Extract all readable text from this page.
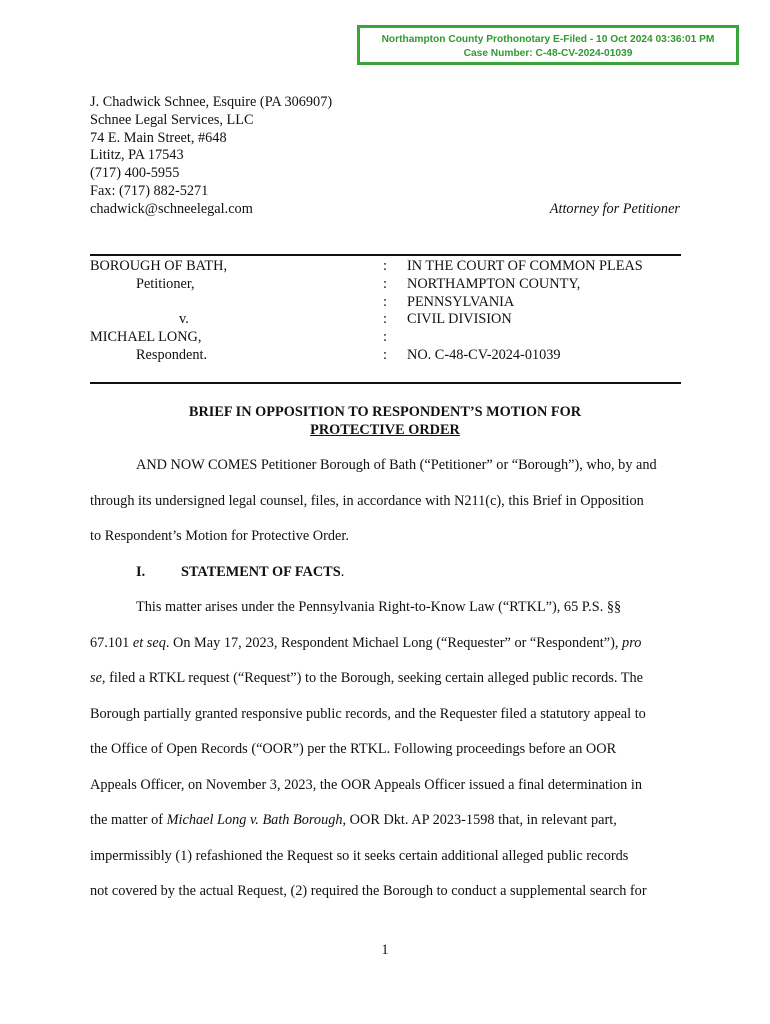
Northampton County Prothonotary E-Filed - 10 Oct 2024 03:36:01 PM
Case Number: C-48-CV-2024-01039
J. Chadwick Schnee, Esquire (PA 306907)
Schnee Legal Services, LLC
74 E. Main Street, #648
Lititz, PA 17543
(717) 400-5955
Fax: (717) 882-5271
chadwick@schneelegal.com	Attorney for Petitioner
BOROUGH OF BATH,
Petitioner,

v.
MICHAEL LONG,
Respondent.
:
:
:
:
:
:
IN THE COURT OF COMMON PLEAS
NORTHAMPTON COUNTY,
PENNSYLVANIA
CIVIL DIVISION

NO. C-48-CV-2024-01039
BRIEF IN OPPOSITION TO RESPONDENT’S MOTION FOR
PROTECTIVE ORDER
AND NOW COMES Petitioner Borough of Bath (“Petitioner” or “Borough”), who, by and
through its undersigned legal counsel, files, in accordance with N211(c), this Brief in Opposition
to Respondent’s Motion for Protective Order.
I.	STATEMENT OF FACTS.
This matter arises under the Pennsylvania Right-to-Know Law (“RTKL”), 65 P.S. §§
67.101 et seq. On May 17, 2023, Respondent Michael Long (“Requester” or “Respondent”), pro
se, filed a RTKL request (“Request”) to the Borough, seeking certain alleged public records. The
Borough partially granted responsive public records, and the Requester filed a statutory appeal to
the Office of Open Records (“OOR”) per the RTKL. Following proceedings before an OOR
Appeals Officer, on November 3, 2023, the OOR Appeals Officer issued a final determination in
the matter of Michael Long v. Bath Borough, OOR Dkt. AP 2023-1598 that, in relevant part,
impermissibly (1) refashioned the Request so it seeks certain additional alleged public records
not covered by the actual Request, (2) required the Borough to conduct a supplemental search for
1
